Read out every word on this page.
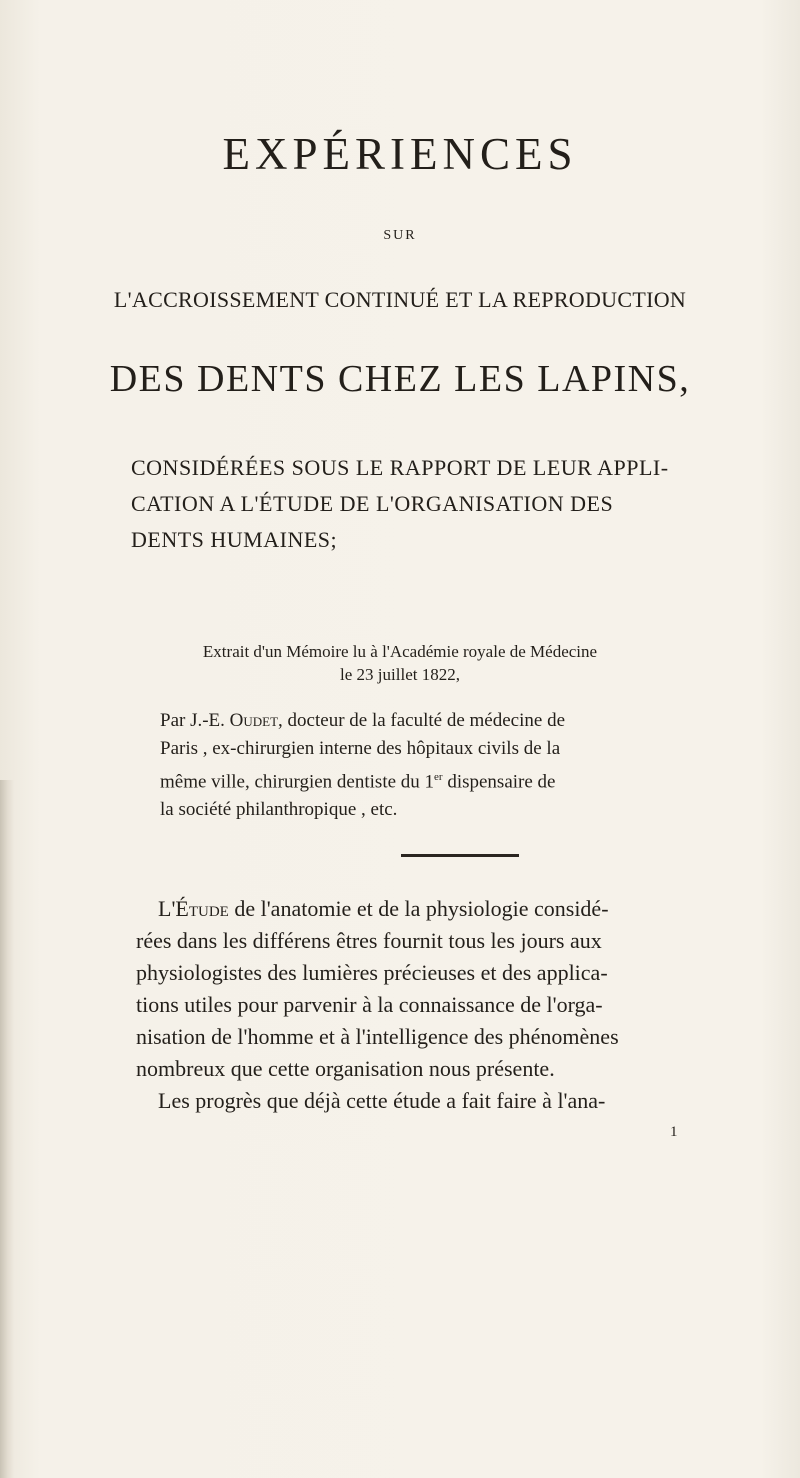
EXPÉRIENCES
SUR
L'ACCROISSEMENT CONTINUÉ ET LA REPRODUCTION
DES DENTS CHEZ LES LAPINS,
CONSIDÉRÉES SOUS LE RAPPORT DE LEUR APPLI-
CATION A L'ÉTUDE DE L'ORGANISATION DES
DENTS HUMAINES;
Extrait d'un Mémoire lu à l'Académie royale de Médecine
le 23 juillet 1822,
Par J.-E. Oudet, docteur de la faculté de médecine de
Paris , ex-chirurgien interne des hôpitaux civils de la
même ville, chirurgien dentiste du 1er dispensaire de
la société philanthropique , etc.
 L'Étude de l'anatomie et de la physiologie considé-
rées dans les différens êtres fournit tous les jours aux
physiologistes des lumières précieuses et des applica-
tions utiles pour parvenir à la connaissance de l'orga-
nisation de l'homme et à l'intelligence des phénomènes
nombreux que cette organisation nous présente.
Les progrès que déjà cette étude a fait faire à l'ana-
1
